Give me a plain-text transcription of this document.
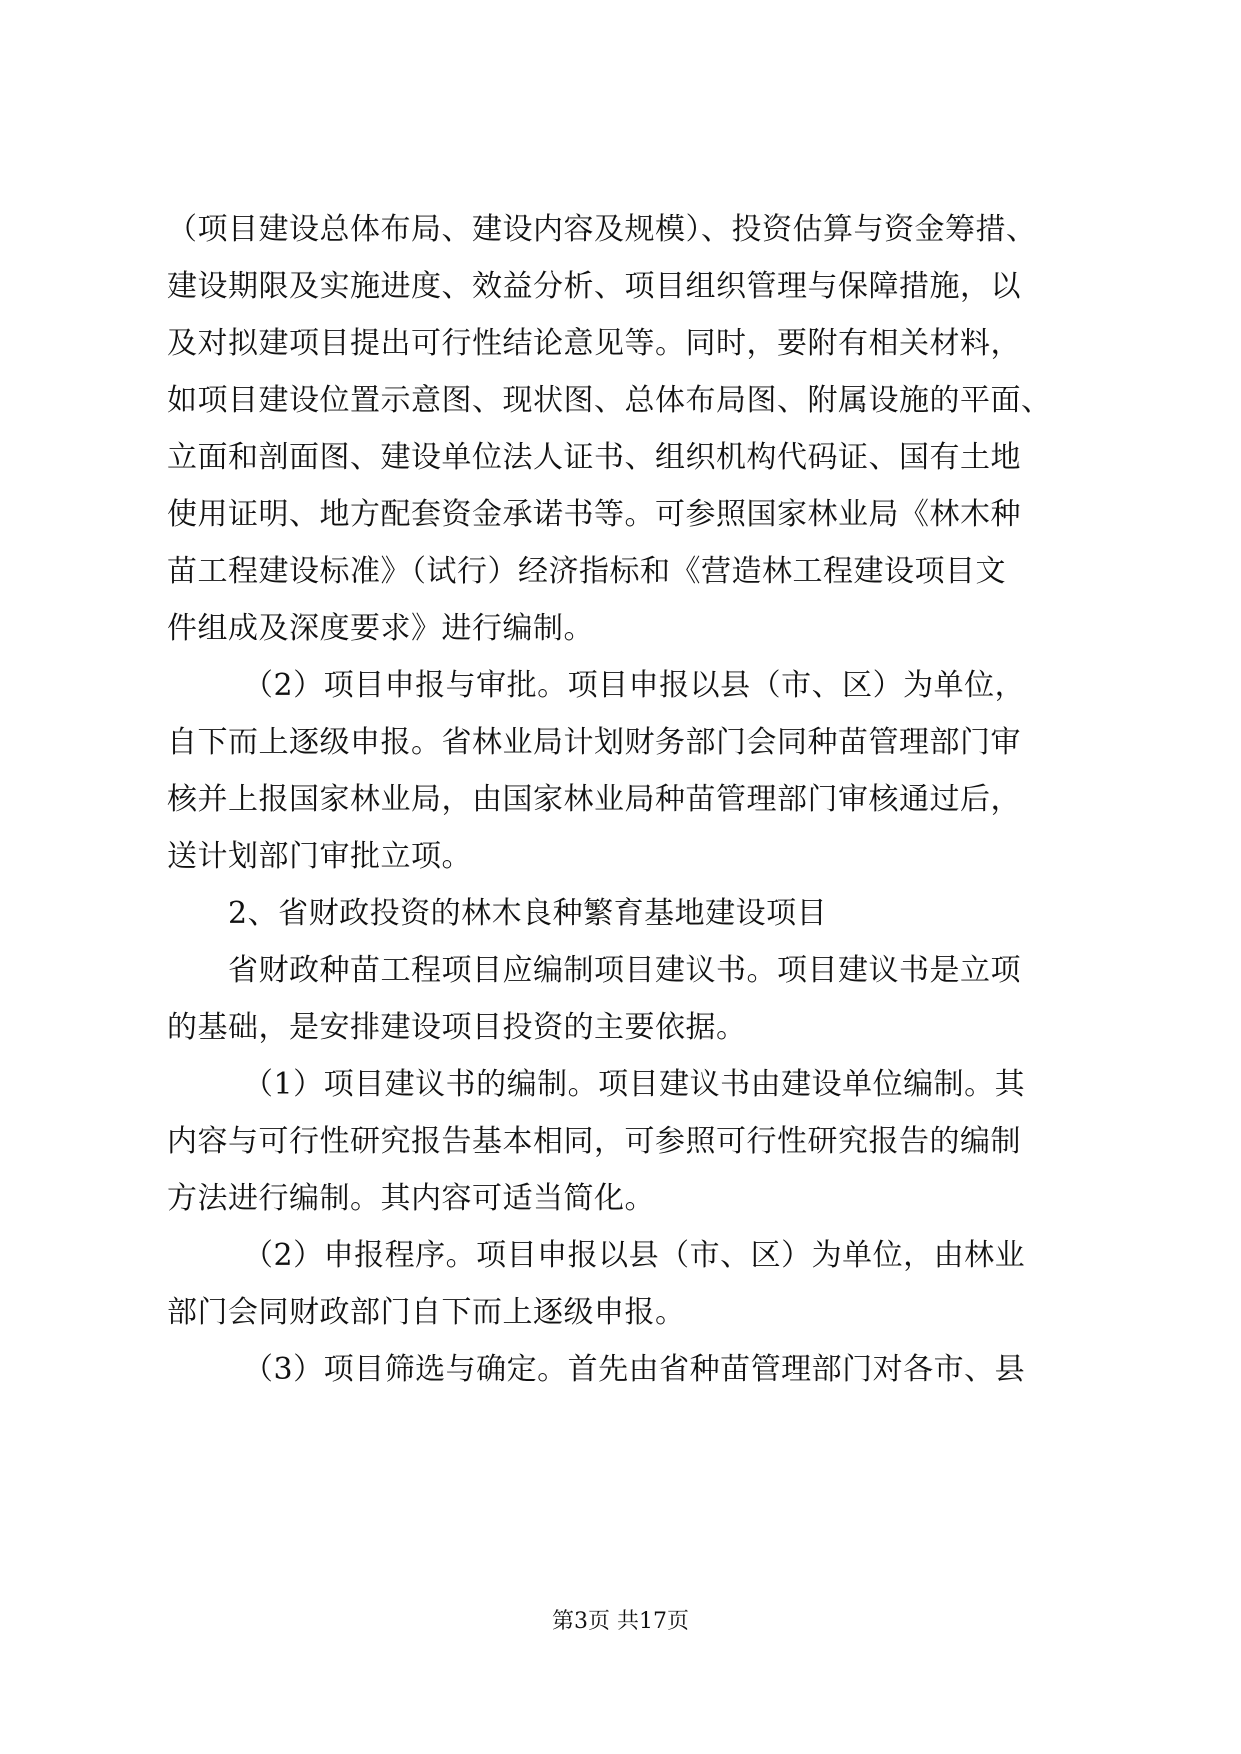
（项目建设总体布局、建设内容及规模）、投资估算与资金筹措、
建设期限及实施进度、效益分析、项目组织管理与保障措施，以
及对拟建项目提出可行性结论意见等。同时，要附有相关材料，
如项目建设位置示意图、现状图、总体布局图、附属设施的平面、
立面和剖面图、建设单位法人证书、组织机构代码证、国有土地
使用证明、地方配套资金承诺书等。可参照国家林业局《林木种
苗工程建设标准》（试行）经济指标和《营造林工程建设项目文
件组成及深度要求》进行编制。
（2）项目申报与审批。项目申报以县（市、区）为单位，
自下而上逐级申报。省林业局计划财务部门会同种苗管理部门审
核并上报国家林业局，由国家林业局种苗管理部门审核通过后，
送计划部门审批立项。
2、省财政投资的林木良种繁育基地建设项目
省财政种苗工程项目应编制项目建议书。项目建议书是立项
的基础，是安排建设项目投资的主要依据。
（1）项目建议书的编制。项目建议书由建设单位编制。其
内容与可行性研究报告基本相同，可参照可行性研究报告的编制
方法进行编制。其内容可适当简化。
（2）申报程序。项目申报以县（市、区）为单位，由林业
部门会同财政部门自下而上逐级申报。
（3）项目筛选与确定。首先由省种苗管理部门对各市、县
第3页 共17页
